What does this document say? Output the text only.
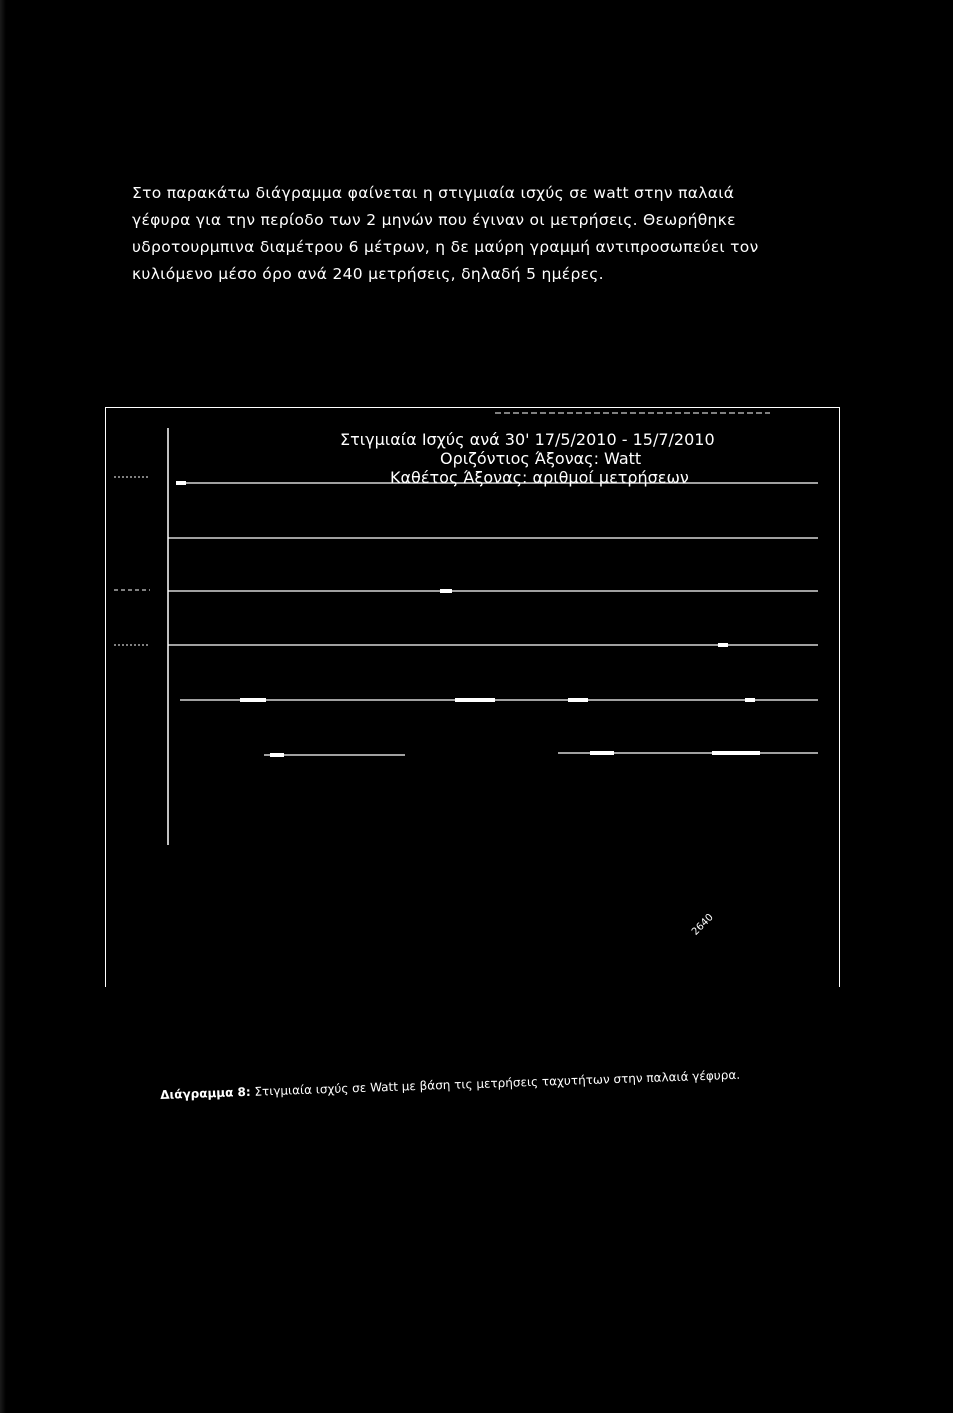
Στο παρακάτω διάγραμμα φαίνεται η στιγμιαία ισχύς σε watt στην παλαιά
γέφυρα για την περίοδο των 2 μηνών που έγιναν οι μετρήσεις. Θεωρήθηκε
υδροτουρμπινα διαμέτρου 6 μέτρων, η δε μαύρη γραμμή αντιπροσωπεύει τον
κυλιόμενο μέσο όρο ανά 240 μετρήσεις, δηλαδή 5 ημέρες.
Στιγμιαία Ισχύς ανά 30' 17/5/2010 - 15/7/2010
Οριζόντιος Άξονας: Watt
Καθέτος Άξονας: αριθμοί μετρήσεων
2640
Διάγραμμα 8: Στιγμιαία ισχύς σε Watt με βάση τις μετρήσεις ταχυτήτων στην παλαιά γέφυρα.
